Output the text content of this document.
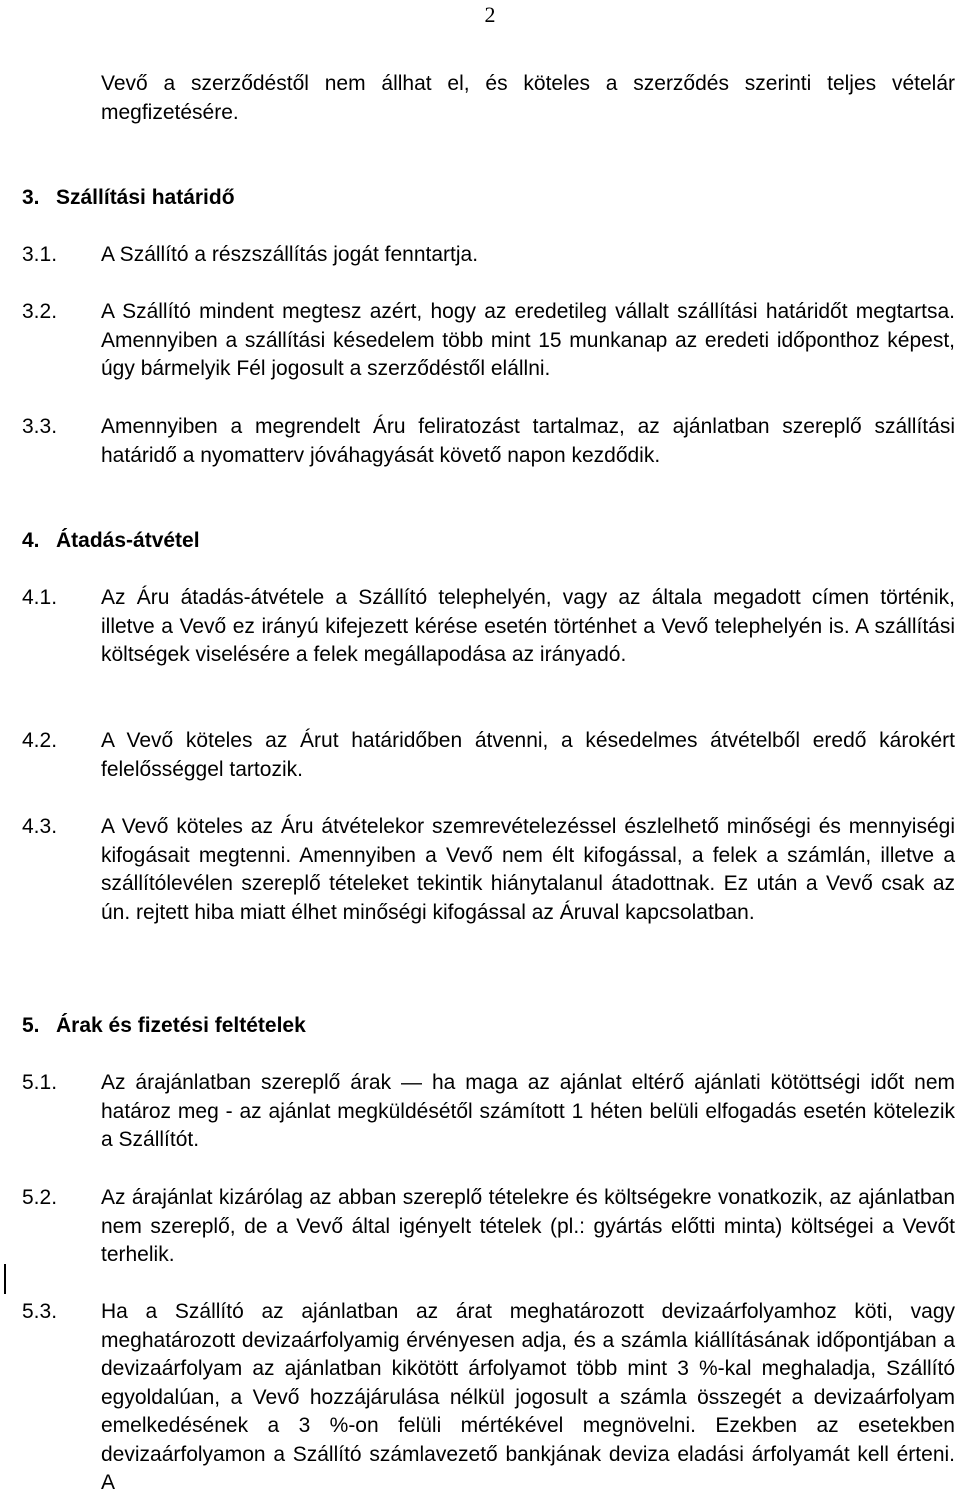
2
Vevő a szerződéstől nem állhat el, és köteles a szerződés szerinti teljes vételár megfizetésére.
3. Szállítási határidő
3.1. A Szállító a részszállítás jogát fenntartja.
3.2. A Szállító mindent megtesz azért, hogy az eredetileg vállalt szállítási határidőt megtartsa. Amennyiben a szállítási késedelem több mint 15 munkanap az eredeti időponthoz képest, úgy bármelyik Fél jogosult a szerződéstől elállni.
3.3. Amennyiben a megrendelt Áru feliratozást tartalmaz, az ajánlatban szereplő szállítási határidő a nyomatterv jóváhagyását követő napon kezdődik.
4. Átadás-átvétel
4.1. Az Áru átadás-átvétele a Szállító telephelyén, vagy az általa megadott címen történik, illetve a Vevő ez irányú kifejezett kérése esetén történhet a Vevő telephelyén is. A szállítási költségek viselésére a felek megállapodása az irányadó.
4.2. A Vevő köteles az Árut határidőben átvenni, a késedelmes átvételből eredő károkért felelősséggel tartozik.
4.3. A Vevő köteles az Áru átvételekor szemrevételezéssel észlelhető minőségi és mennyiségi kifogásait megtenni. Amennyiben a Vevő nem élt kifogással, a felek a számlán, illetve a szállítólevélen szereplő tételeket tekintik hiánytalanul átadottnak. Ez után a Vevő csak az ún. rejtett hiba miatt élhet minőségi kifogással az Áruval kapcsolatban.
5. Árak és fizetési feltételek
5.1. Az árajánlatban szereplő árak ― ha maga az ajánlat eltérő ajánlati kötöttségi időt nem határoz meg - az ajánlat megküldésétől számított 1 héten belüli elfogadás esetén kötelezik a Szállítót.
5.2. Az árajánlat kizárólag az abban szereplő tételekre és költségekre vonatkozik, az ajánlatban nem szereplő, de a Vevő által igényelt tételek (pl.: gyártás előtti minta) költségei a Vevőt terhelik.
5.3. Ha a Szállító az ajánlatban az árat meghatározott devizaárfolyamhoz köti, vagy meghatározott devizaárfolyamig érvényesen adja, és a számla kiállításának időpontjában a devizaárfolyam az ajánlatban kikötött árfolyamot több mint 3 %-kal meghaladja, Szállító egyoldalúan, a Vevő hozzájárulása nélkül jogosult a számla összegét a devizaárfolyam emelkedésének a 3 %-on felüli mértékével megnövelni. Ezekben az esetekben devizaárfolyamon a Szállító számlavezető bankjának deviza eladási árfolyamát kell érteni. A
